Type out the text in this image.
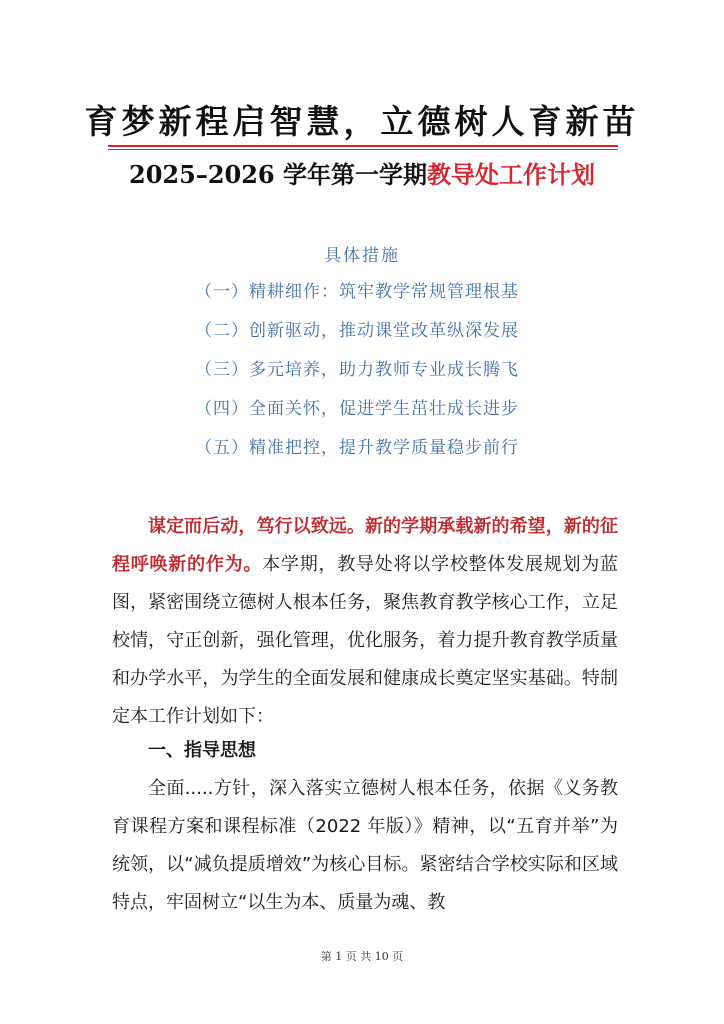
育梦新程启智慧，立德树人育新苗
2025–2026 学年第一学期教导处工作计划
具体措施
（一）精耕细作：筑牢教学常规管理根基
（二）创新驱动，推动课堂改革纵深发展
（三）多元培养，助力教师专业成长腾飞
（四）全面关怀，促进学生茁壮成长进步
（五）精准把控，提升教学质量稳步前行
谋定而后动，笃行以致远。新的学期承载新的希望，新的征程呼唤新的作为。本学期，教导处将以学校整体发展规划为蓝图，紧密围绕立德树人根本任务，聚焦教育教学核心工作，立足校情，守正创新，强化管理，优化服务，着力提升教育教学质量和办学水平，为学生的全面发展和健康成长奠定坚实基础。特制定本工作计划如下：
一、指导思想
全面.....方针，深入落实立德树人根本任务，依据《义务教育课程方案和课程标准（2022 年版）》精神，以“五育并举”为统领，以“减负提质增效”为核心目标。紧密结合学校实际和区域特点，牢固树立“以生为本、质量为魂、教
第 1 页 共 10 页
